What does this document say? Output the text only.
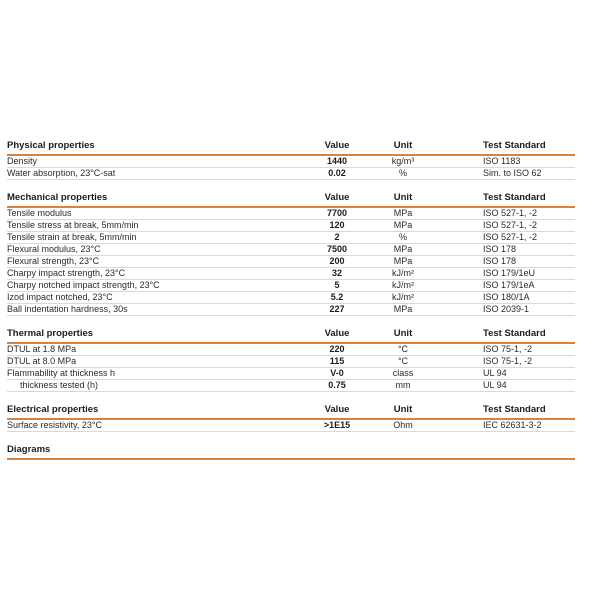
Physical properties	Value	Unit	Test Standard
Density	1440	kg/m³	ISO 1183
Water absorption, 23°C-sat	0.02	%	Sim. to ISO 62
Mechanical properties	Value	Unit	Test Standard
Tensile modulus	7700	MPa	ISO 527-1, -2
Tensile stress at break, 5mm/min	120	MPa	ISO 527-1, -2
Tensile strain at break, 5mm/min	2	%	ISO 527-1, -2
Flexural modulus, 23°C	7500	MPa	ISO 178
Flexural strength, 23°C	200	MPa	ISO 178
Charpy impact strength, 23°C	32	kJ/m²	ISO 179/1eU
Charpy notched impact strength, 23°C	5	kJ/m²	ISO 179/1eA
Izod impact notched, 23°C	5.2	kJ/m²	ISO 180/1A
Ball indentation hardness, 30s	227	MPa	ISO 2039-1
Thermal properties	Value	Unit	Test Standard
DTUL at 1.8 MPa	220	°C	ISO 75-1, -2
DTUL at 8.0 MPa	115	°C	ISO 75-1, -2
Flammability at thickness h	V-0	class	UL 94
thickness tested (h)	0.75	mm	UL 94
Electrical properties	Value	Unit	Test Standard
Surface resistivity, 23°C	>1E15	Ohm	IEC 62631-3-2
Diagrams			
